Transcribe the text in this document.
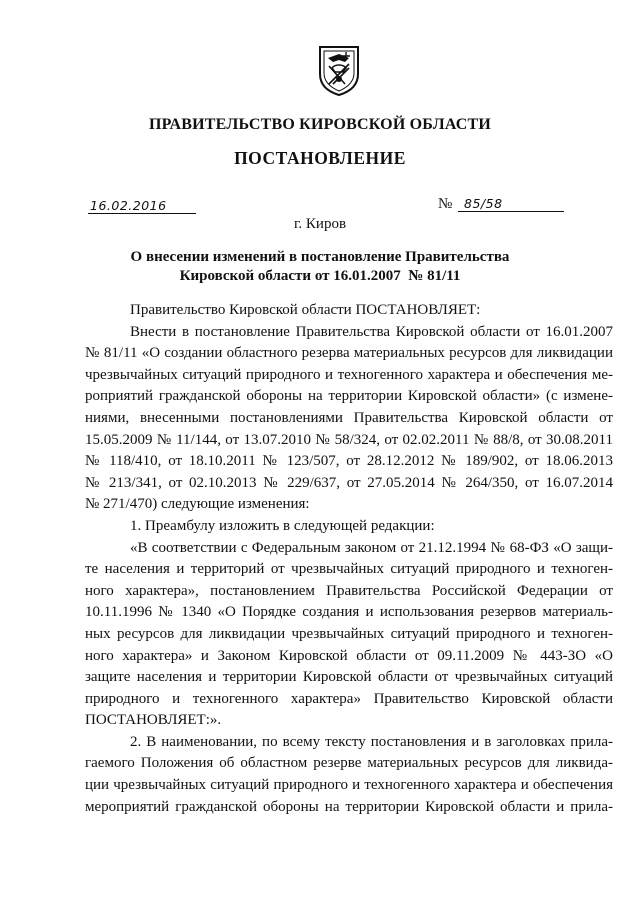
ПРАВИТЕЛЬСТВО КИРОВСКОЙ ОБЛАСТИ
ПОСТАНОВЛЕНИЕ
16.02.2016	№ 85/58
г. Киров
О внесении изменений в постановление Правительства
Кировской области от 16.01.2007  № 81/11
Правительство Кировской области ПОСТАНОВЛЯЕТ:
Внести в постановление Правительства Кировской области от 16.01.2007
№ 81/11 «О создании областного резерва материальных ресурсов для ликвидации
чрезвычайных ситуаций природного и техногенного характера и обеспечения ме-
роприятий гражданской обороны на территории Кировской области» (с измене-
ниями, внесенными постановлениями Правительства Кировской области от
15.05.2009 № 11/144, от 13.07.2010 № 58/324, от 02.02.2011 № 88/8, от 30.08.2011
№ 118/410, от 18.10.2011 № 123/507, от 28.12.2012 № 189/902, от 18.06.2013
№ 213/341, от 02.10.2013 № 229/637, от 27.05.2014 № 264/350, от 16.07.2014
№ 271/470) следующие изменения:
1. Преамбулу изложить в следующей редакции:
«В соответствии с Федеральным законом от 21.12.1994 № 68-ФЗ «О защи-
те населения и территорий от чрезвычайных ситуаций природного и техноген-
ного характера», постановлением Правительства Российской Федерации от
10.11.1996 № 1340 «О Порядке создания и использования резервов материаль-
ных ресурсов для ликвидации чрезвычайных ситуаций природного и техноген-
ного характера» и Законом Кировской области от 09.11.2009 № 443-ЗО «О
защите населения и территории Кировской области от чрезвычайных ситуаций
природного и техногенного характера» Правительство Кировской области
ПОСТАНОВЛЯЕТ:».
2. В наименовании, по всему тексту постановления и в заголовках прила-
гаемого Положения об областном резерве материальных ресурсов для ликвида-
ции чрезвычайных ситуаций природного и техногенного характера и обеспечения
мероприятий гражданской обороны на территории Кировской области и прила-
